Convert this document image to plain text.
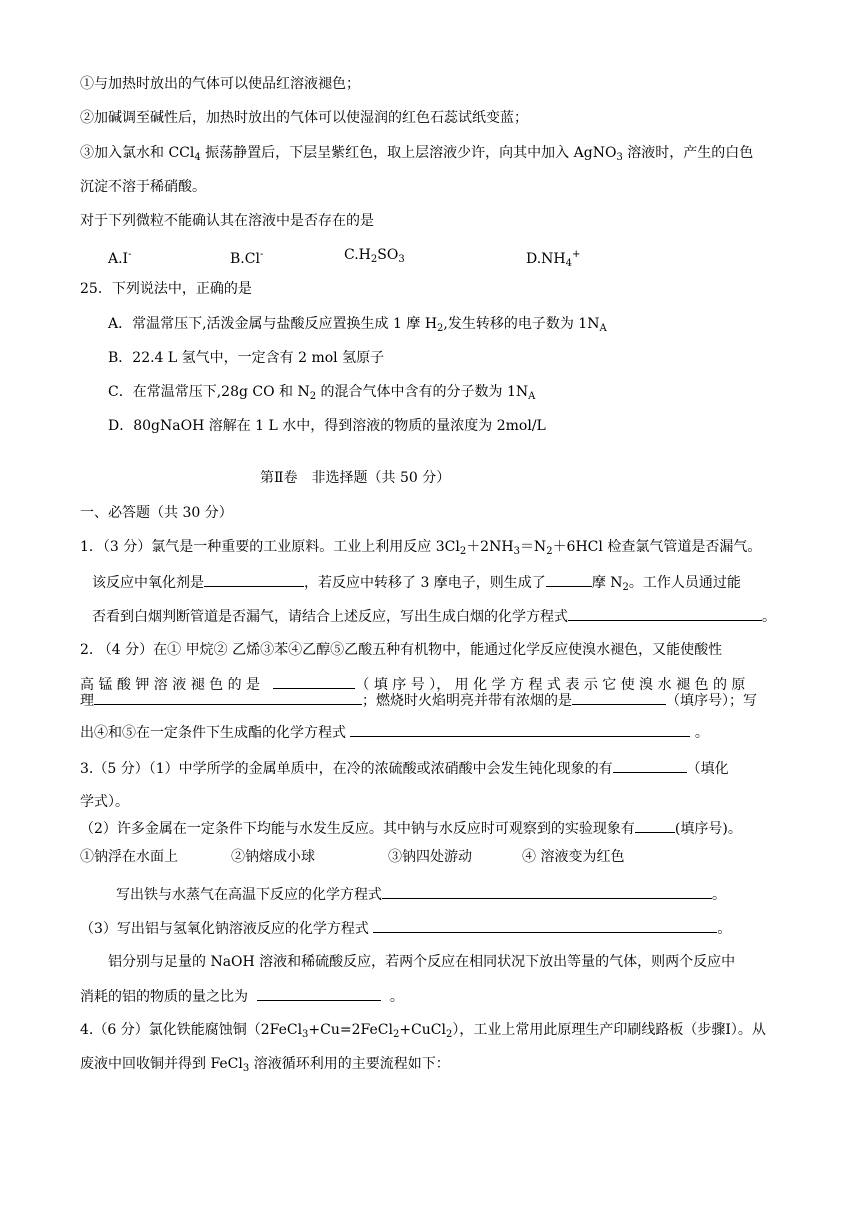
①与加热时放出的气体可以使品红溶液褪色；
②加碱调至碱性后，加热时放出的气体可以使湿润的红色石蕊试纸变蓝；
③加入氯水和 CCl$_4$ 振荡静置后，下层呈紫红色，取上层溶液少许，向其中加入 AgNO$_3$ 溶液时，产生的白色
沉淀不溶于稀硝酸。
对于下列微粒不能确认其在溶液中是否存在的是
A.I-	B.Cl-	$C.H_2SO_3$	$D.NH_4^+$
25．下列说法中，正确的是
A．常温常压下,活泼金属与盐酸反应置换生成 1 摩 $H_2$,发生转移的电子数为 $1N_A$
B．22.4 L 氢气中，一定含有 2 mol 氢原子
C．在常温常压下,28g CO 和 $N_2$ 的混合气体中含有的分子数为 $1N_A$
D．80gNaOH 溶解在 1 L 水中，得到溶液的物质的量浓度为 2mol/L
第Ⅱ卷　非选择题（共 50 分）
一、必答题（共 30 分）
1．（3 分）氯气是一种重要的工业原料。工业上利用反应 $3Cl_2+2NH_3=N_2+6HCl$ 检查氯气管道是否漏气。
该反应中氧化剂是	，若反应中转移了 3 摩电子，则生成了	摩 $N_2$。工作人员通过能
否看到白烟判断管道是否漏气，请结合上述反应，写出生成白烟的化学方程式	。
2. （4 分）在① 甲烷② 乙烯③苯④乙醇⑤乙酸五种有机物中，能通过化学反应使溴水褪色，又能使酸性
高 锰 酸 钾 溶 液 褪 色 的 是	（ 填 序 号 ）， 用 化 学 方 程 式 表 示 它 使 溴 水 褪 色 的 原
理	；燃烧时火焰明亮并带有浓烟的是	（填序号）；写
出④和⑤在一定条件下生成酯的化学方程式	。
3.（5 分）（1）中学所学的金属单质中，在冷的浓硫酸或浓硝酸中会发生钝化现象的有	（填化
学式）。
（2）许多金属在一定条件下均能与水发生反应。其中钠与水反应时可观察到的实验现象有	(填序号)。
①钠浮在水面上	②钠熔成小球	③钠四处游动	④ 溶液变为红色
写出铁与水蒸气在高温下反应的化学方程式	。
（3）写出铝与氢氧化钠溶液反应的化学方程式	。
铝分别与足量的 NaOH 溶液和稀硫酸反应，若两个反应在相同状况下放出等量的气体，则两个反应中
消耗的铝的物质的量之比为	。
4.（6 分）氯化铁能腐蚀铜（2FeCl$_3$+Cu=2FeCl$_2$+CuCl$_2$），工业上常用此原理生产印刷线路板（步骤Ⅰ）。从
废液中回收铜并得到 FeCl$_3$ 溶液循环利用的主要流程如下：
